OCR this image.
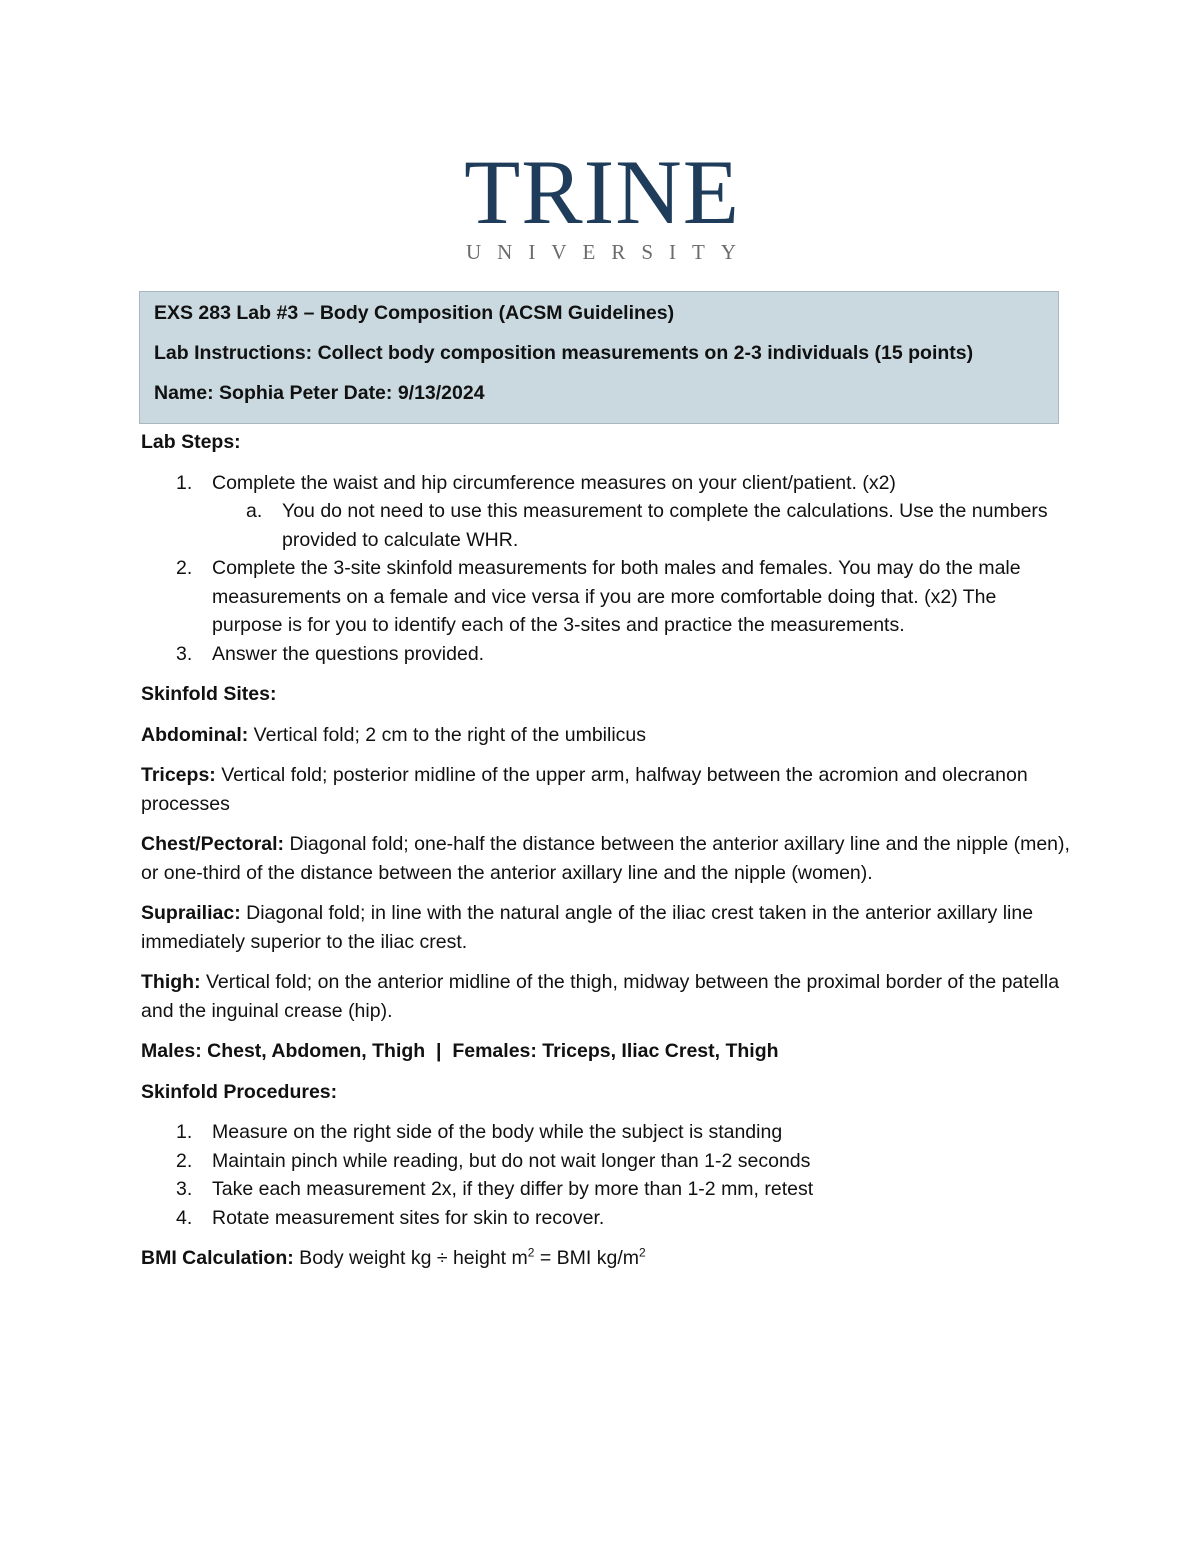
TRINE
UNIVERSITY
EXS 283 Lab #3 – Body Composition (ACSM Guidelines)
Lab Instructions: Collect body composition measurements on 2-3 individuals (15 points)
Name: Sophia Peter Date: 9/13/2024
Lab Steps:
1. Complete the waist and hip circumference measures on your client/patient. (x2)
a. You do not need to use this measurement to complete the calculations. Use the numbers provided to calculate WHR.
2. Complete the 3-site skinfold measurements for both males and females. You may do the male measurements on a female and vice versa if you are more comfortable doing that. (x2) The purpose is for you to identify each of the 3-sites and practice the measurements.
3. Answer the questions provided.
Skinfold Sites:
Abdominal: Vertical fold; 2 cm to the right of the umbilicus
Triceps: Vertical fold; posterior midline of the upper arm, halfway between the acromion and olecranon processes
Chest/Pectoral: Diagonal fold; one-half the distance between the anterior axillary line and the nipple (men), or one-third of the distance between the anterior axillary line and the nipple (women).
Suprailiac: Diagonal fold; in line with the natural angle of the iliac crest taken in the anterior axillary line immediately superior to the iliac crest.
Thigh: Vertical fold; on the anterior midline of the thigh, midway between the proximal border of the patella and the inguinal crease (hip).
Males: Chest, Abdomen, Thigh  |  Females: Triceps, Iliac Crest, Thigh
Skinfold Procedures:
1. Measure on the right side of the body while the subject is standing
2. Maintain pinch while reading, but do not wait longer than 1-2 seconds
3. Take each measurement 2x, if they differ by more than 1-2 mm, retest
4. Rotate measurement sites for skin to recover.
BMI Calculation: Body weight kg ÷ height $m^2$ = BMI $kg/m^2$
